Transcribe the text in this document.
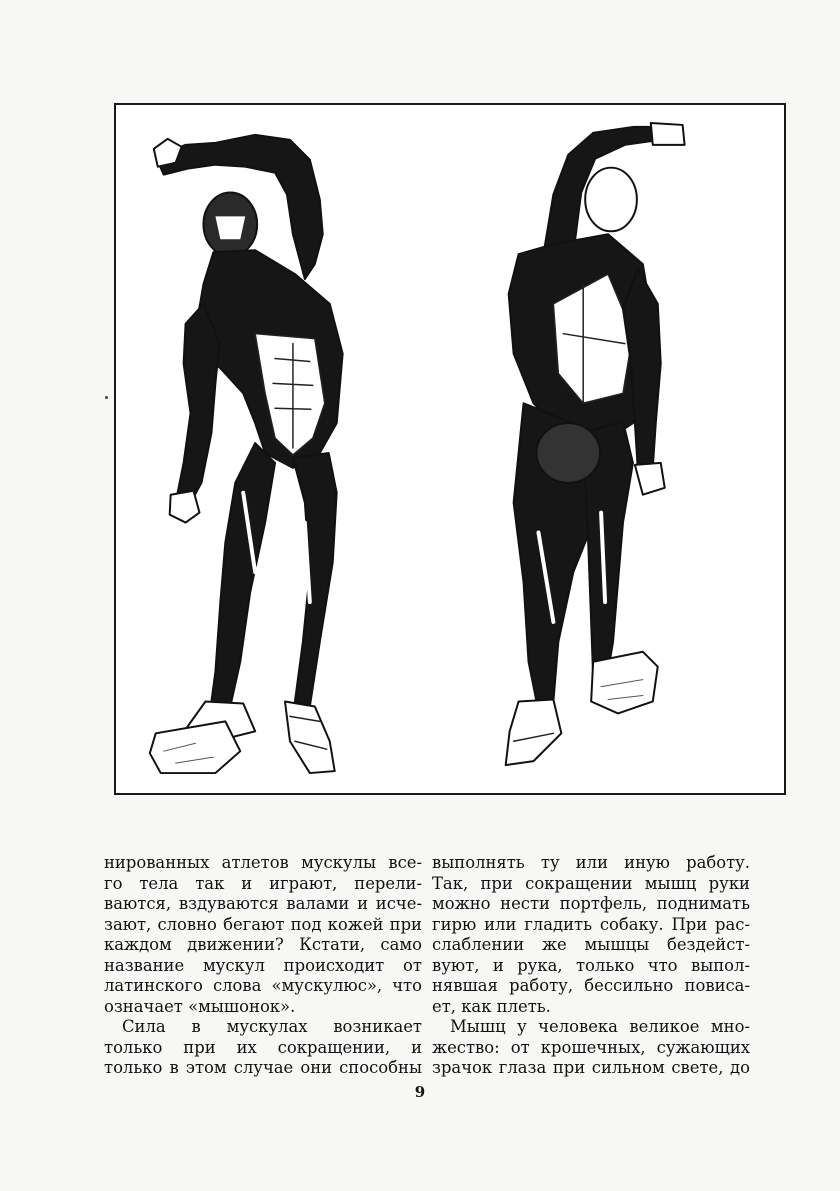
нированных атлетов мускулы все-
го тела так и играют, перели-
ваются, вздуваются валами и исче-
зают, словно бегают под кожей при
каждом движении? Кстати, само
название мускул происходит от
латинского слова «мускулюс», что
означает «мышонок».
Сила в мускулах возникает
только при их сокращении, и
только в этом случае они способны
выполнять ту или иную работу.
Так, при сокращении мышц руки
можно нести портфель, поднимать
гирю или гладить собаку. При рас-
слаблении же мышцы бездейст-
вуют, и рука, только что выпол-
нявшая работу, бессильно повиса-
ет, как плеть.
Мышц у человека великое мно-
жество: от крошечных, сужающих
зрачок глаза при сильном свете, до
9
